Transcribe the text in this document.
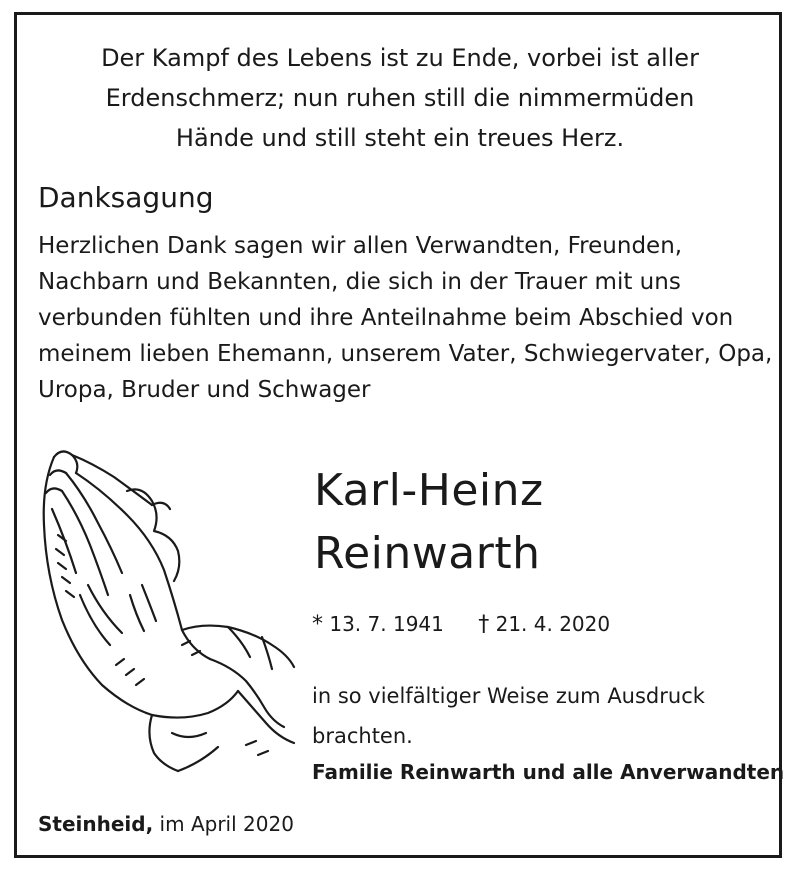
Der Kampf des Lebens ist zu Ende, vorbei ist aller
Erdenschmerz; nun ruhen still die nimmermüden
Hände und still steht ein treues Herz.
Danksagung
Herzlichen Dank sagen wir allen Verwandten, Freunden,
Nachbarn und Bekannten, die sich in der Trauer mit uns
verbunden fühlten und ihre Anteilnahme beim Abschied von
meinem lieben Ehemann, unserem Vater, Schwiegervater, Opa,
Uropa, Bruder und Schwager
Karl-Heinz
Reinwarth
* 13. 7. 1941 † 21. 4. 2020
in so vielfältiger Weise zum Ausdruck
brachten.
Familie Reinwarth und alle Anverwandten
Steinheid, im April 2020
